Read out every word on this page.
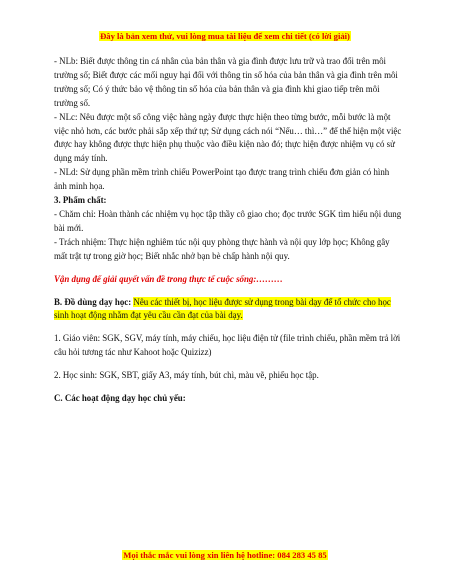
Đây là bản xem thử, vui lòng mua tài liệu để xem chi tiết (có lời giải)

- NLb: Biết được thông tin cá nhân của bản thân và gia đình được lưu trữ và trao đổi trên môi trường số; Biết được các mối nguy hại đối với thông tin số hóa của bản thân và gia đình trên môi trường số; Có ý thức bảo vệ thông tin số hóa của bản thân và gia đình khi giao tiếp trên môi trường số.

- NLc: Nêu được một số công việc hàng ngày được thực hiện theo từng bước, mỗi bước là một việc nhỏ hơn, các bước phải sắp xếp thứ tự; Sử dụng cách nói “Nếu… thì…” để thể hiện một việc được hay không được thực hiện phụ thuộc vào điều kiện nào đó; thực hiện được nhiệm vụ có sử dụng máy tính.

- NLd: Sử dụng phần mềm trình chiếu PowerPoint tạo được trang trình chiếu đơn giản có hình ảnh minh họa.

3. Phẩm chất:

- Chăm chỉ: Hoàn thành các nhiệm vụ học tập thầy cô giao cho; đọc trước SGK tìm hiểu nội dung bài mới.

- Trách nhiệm: Thực hiện nghiêm túc nội quy phòng thực hành và nội quy lớp học; Không gây mất trật tự trong giờ học; Biết nhắc nhở bạn bè chấp hành nội quy.

Vận dụng để giải quyết vấn đề trong thực tế cuộc sống:………

B. Đồ dùng dạy học: Nêu các thiết bị, học liệu được sử dụng trong bài dạy để tổ chức cho học sinh hoạt động nhằm đạt yêu cầu cần đạt của bài dạy.

1. Giáo viên: SGK, SGV, máy tính, máy chiếu, học liệu điện tử (file trình chiếu, phần mềm trả lời câu hỏi tương tác như Kahoot hoặc Quizizz)

2. Học sinh: SGK, SBT, giấy A3, máy tính, bút chì, màu vẽ, phiếu học tập.

C. Các hoạt động dạy học chủ yếu:

Mọi thắc mắc vui lòng xin liên hệ hotline: 084 283 45 85
